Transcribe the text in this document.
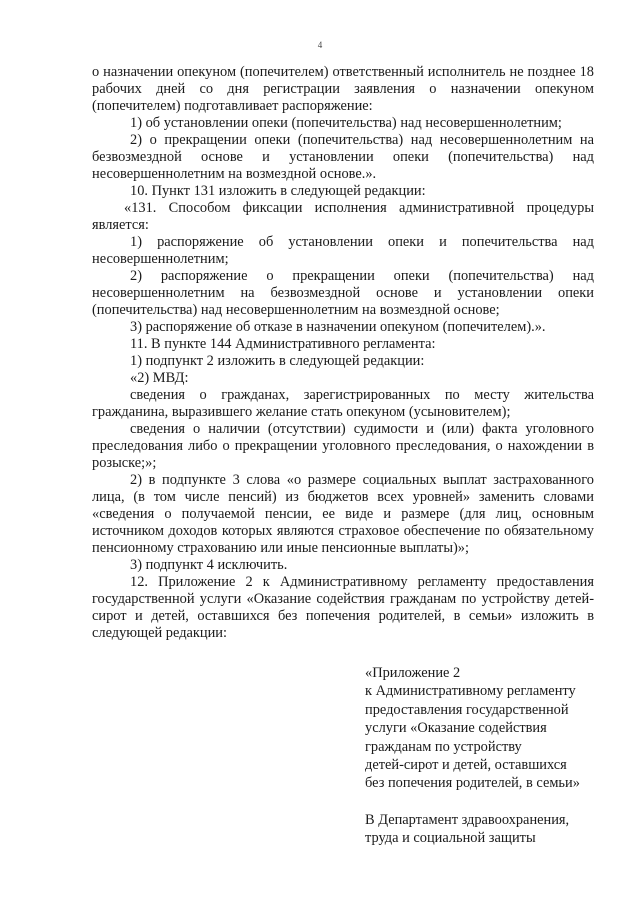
4

о назначении опекуном (попечителем) ответственный исполнитель не позднее 18 рабочих дней со дня регистрации заявления о назначении опекуном (попечителем) подготавливает распоряжение:

1) об установлении опеки (попечительства) над несовершеннолетним;

2) о прекращении опеки (попечительства) над несовершеннолетним на безвозмездной основе и установлении опеки (попечительства) над несовершеннолетним на возмездной основе.».

10. Пункт 131 изложить в следующей редакции:

«131. Способом фиксации исполнения административной процедуры является:

1) распоряжение об установлении опеки и попечительства над несовершеннолетним;

2) распоряжение о прекращении опеки (попечительства) над несовершеннолетним на безвозмездной основе и установлении опеки (попечительства) над несовершеннолетним на возмездной основе;

3) распоряжение об отказе в назначении опекуном (попечителем).».

11. В пункте 144 Административного регламента:

1) подпункт 2 изложить в следующей редакции:

«2) МВД:

сведения о гражданах, зарегистрированных по месту жительства гражданина, выразившего желание стать опекуном (усыновителем);

сведения о наличии (отсутствии) судимости и (или) факта уголовного преследования либо о прекращении уголовного преследования, о нахождении в розыске;»;

2) в подпункте 3 слова «о размере социальных выплат застрахованного лица, (в том числе пенсий) из бюджетов всех уровней» заменить словами «сведения о получаемой пенсии, ее виде и размере (для лиц, основным источником доходов которых являются страховое обеспечение по обязательному пенсионному страхованию или иные пенсионные выплаты)»;

3) подпункт 4 исключить.

12. Приложение 2 к Административному регламенту предоставления государственной услуги «Оказание содействия гражданам по устройству детей-сирот и детей, оставшихся без попечения родителей, в семьи» изложить в следующей редакции:

«Приложение 2
к Административному регламенту
предоставления государственной
услуги «Оказание содействия
гражданам по устройству
детей-сирот и детей, оставшихся
без попечения родителей, в семьи»
В Департамент здравоохранения,
труда и социальной защиты
